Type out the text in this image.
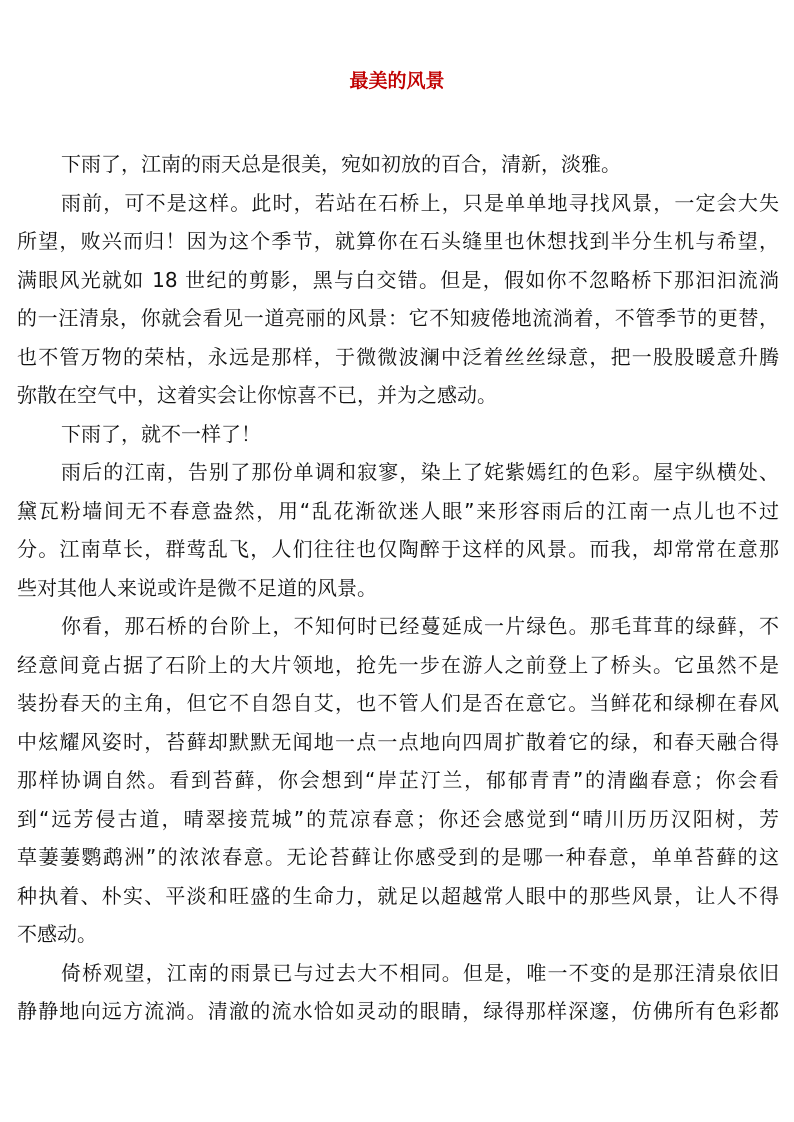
最美的风景
下雨了，江南的雨天总是很美，宛如初放的百合，清新，淡雅。
雨前，可不是这样。此时，若站在石桥上，只是单单地寻找风景，一定会大失
所望，败兴而归！因为这个季节，就算你在石头缝里也休想找到半分生机与希望，
满眼风光就如 18 世纪的剪影，黑与白交错。但是，假如你不忽略桥下那汩汩流淌
的一汪清泉，你就会看见一道亮丽的风景：它不知疲倦地流淌着，不管季节的更替，
也不管万物的荣枯，永远是那样，于微微波澜中泛着丝丝绿意，把一股股暖意升腾
弥散在空气中，这着实会让你惊喜不已，并为之感动。
下雨了，就不一样了！
雨后的江南，告别了那份单调和寂寥，染上了姹紫嫣红的色彩。屋宇纵横处、
黛瓦粉墙间无不春意盎然，用“乱花渐欲迷人眼”来形容雨后的江南一点儿也不过
分。江南草长，群莺乱飞，人们往往也仅陶醉于这样的风景。而我，却常常在意那
些对其他人来说或许是微不足道的风景。
你看，那石桥的台阶上，不知何时已经蔓延成一片绿色。那毛茸茸的绿藓，不
经意间竟占据了石阶上的大片领地，抢先一步在游人之前登上了桥头。它虽然不是
装扮春天的主角，但它不自怨自艾，也不管人们是否在意它。当鲜花和绿柳在春风
中炫耀风姿时，苔藓却默默无闻地一点一点地向四周扩散着它的绿，和春天融合得
那样协调自然。看到苔藓，你会想到“岸芷汀兰，郁郁青青”的清幽春意；你会看
到“远芳侵古道，晴翠接荒城”的荒凉春意；你还会感觉到“晴川历历汉阳树，芳
草萋萋鹦鹉洲”的浓浓春意。无论苔藓让你感受到的是哪一种春意，单单苔藓的这
种执着、朴实、平淡和旺盛的生命力，就足以超越常人眼中的那些风景，让人不得
不感动。
倚桥观望，江南的雨景已与过去大不相同。但是，唯一不变的是那汪清泉依旧
静静地向远方流淌。清澈的流水恰如灵动的眼睛，绿得那样深邃，仿佛所有色彩都
